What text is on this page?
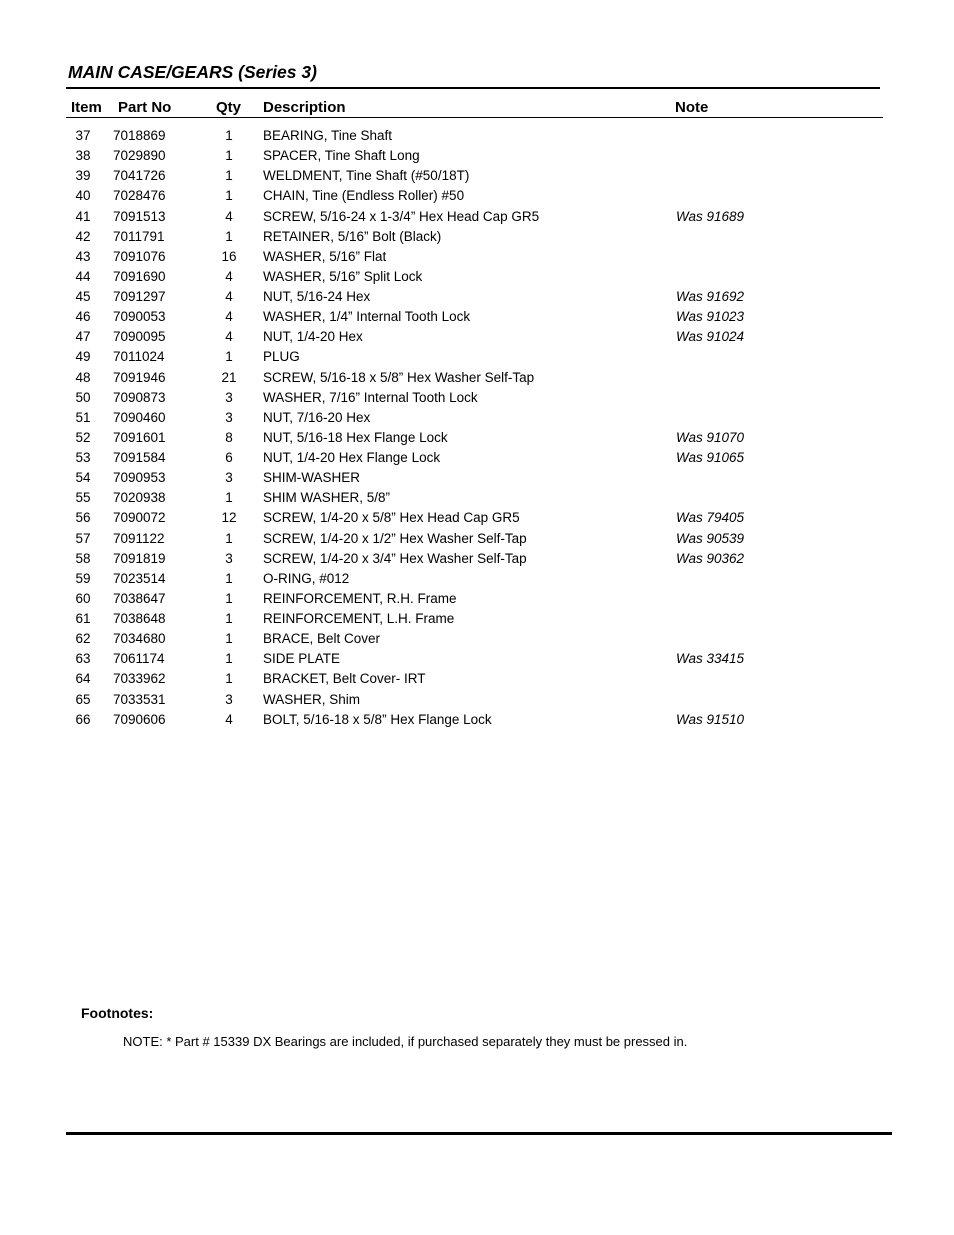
MAIN CASE/GEARS (Series 3)
Item Part No	Qty Description	Note
37	7018869	1	BEARING, Tine Shaft
38	7029890	1	SPACER, Tine Shaft Long
39	7041726	1	WELDMENT, Tine Shaft (#50/18T)
40	7028476	1	CHAIN, Tine (Endless Roller) #50
41	7091513	4	SCREW, 5/16-24 x 1-3/4” Hex Head Cap GR5	Was 91689
42	7011791	1	RETAINER, 5/16” Bolt (Black)
43	7091076	16	WASHER, 5/16” Flat
44	7091690	4	WASHER, 5/16” Split Lock
45	7091297	4	NUT, 5/16-24 Hex	Was 91692
46	7090053	4	WASHER, 1/4” Internal Tooth Lock	Was 91023
47	7090095	4	NUT, 1/4-20 Hex	Was 91024
49	7011024	1	PLUG
48	7091946	21	SCREW, 5/16-18 x 5/8” Hex Washer Self-Tap
50	7090873	3	WASHER, 7/16” Internal Tooth Lock
51	7090460	3	NUT, 7/16-20 Hex
52	7091601	8	NUT, 5/16-18 Hex Flange Lock	Was 91070
53	7091584	6	NUT, 1/4-20 Hex Flange Lock	Was 91065
54	7090953	3	SHIM-WASHER
55	7020938	1	SHIM WASHER, 5/8”
56	7090072	12	SCREW, 1/4-20 x 5/8” Hex Head Cap GR5	Was 79405
57	7091122	1	SCREW, 1/4-20 x 1/2” Hex Washer Self-Tap	Was 90539
58	7091819	3	SCREW, 1/4-20 x 3/4” Hex Washer Self-Tap	Was 90362
59	7023514	1	O-RING, #012
60	7038647	1	REINFORCEMENT, R.H. Frame
61	7038648	1	REINFORCEMENT, L.H. Frame
62	7034680	1	BRACE, Belt Cover
63	7061174	1	SIDE PLATE	Was 33415
64	7033962	1	BRACKET, Belt Cover- IRT
65	7033531	3	WASHER, Shim
66	7090606	4	BOLT, 5/16-18 x 5/8” Hex Flange Lock	Was 91510
Footnotes:
NOTE: * Part # 15339 DX Bearings are included, if purchased separately they must be pressed in.
